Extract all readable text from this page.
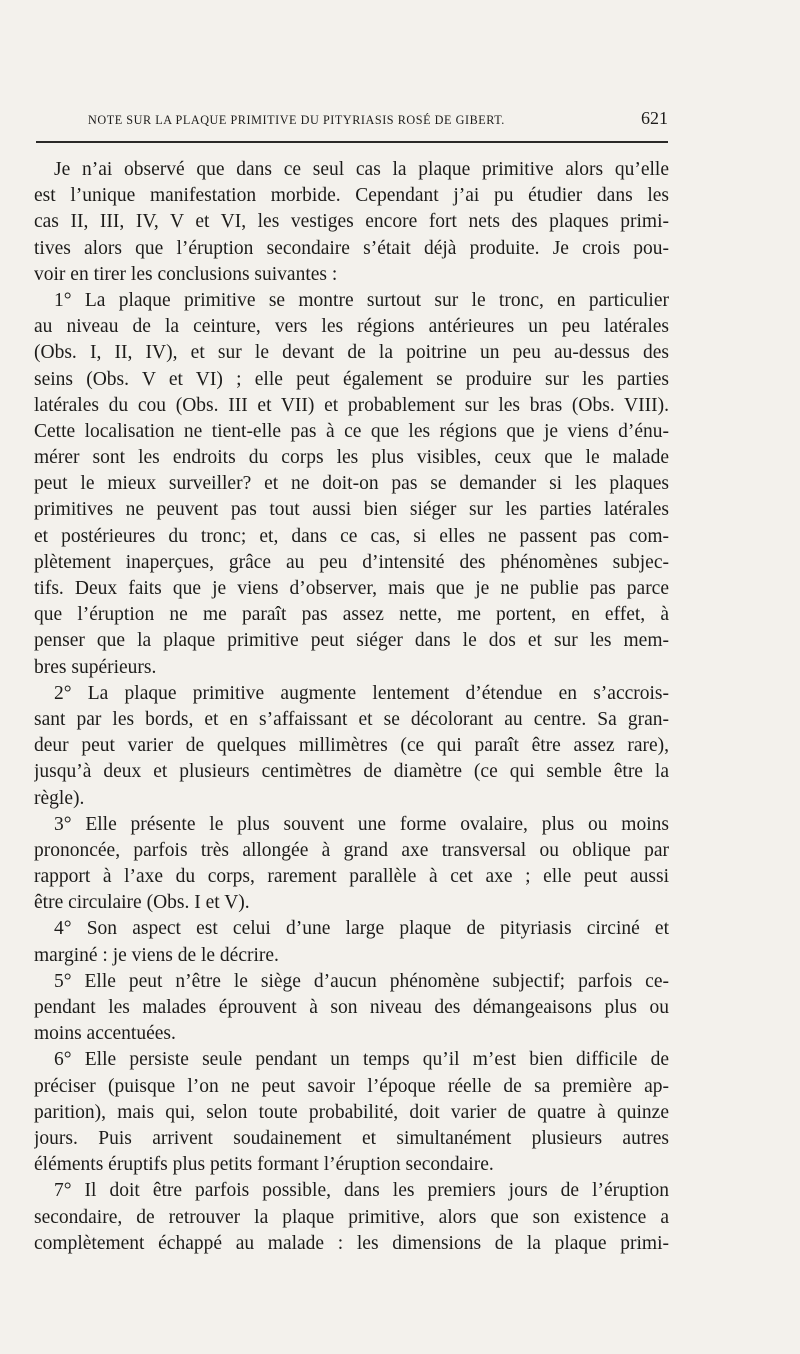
NOTE SUR LA PLAQUE PRIMITIVE DU PITYRIASIS ROSÉ DE GIBERT.	621
Je n’ai observé que dans ce seul cas la plaque primitive alors qu’elle
est l’unique manifestation morbide. Cependant j’ai pu étudier dans les
cas II, III, IV, V et VI, les vestiges encore fort nets des plaques primi-
tives alors que l’éruption secondaire s’était déjà produite. Je crois pou-
voir en tirer les conclusions suivantes :
1° La plaque primitive se montre surtout sur le tronc, en particulier
au niveau de la ceinture, vers les régions antérieures un peu latérales
(Obs. I, II, IV), et sur le devant de la poitrine un peu au-dessus des
seins (Obs. V et VI) ; elle peut également se produire sur les parties
latérales du cou (Obs. III et VII) et probablement sur les bras (Obs. VIII).
Cette localisation ne tient-elle pas à ce que les régions que je viens d’énu-
mérer sont les endroits du corps les plus visibles, ceux que le malade
peut le mieux surveiller? et ne doit-on pas se demander si les plaques
primitives ne peuvent pas tout aussi bien siéger sur les parties latérales
et postérieures du tronc; et, dans ce cas, si elles ne passent pas com-
plètement inaperçues, grâce au peu d’intensité des phénomènes subjec-
tifs. Deux faits que je viens d’observer, mais que je ne publie pas parce
que l’éruption ne me paraît pas assez nette, me portent, en effet, à
penser que la plaque primitive peut siéger dans le dos et sur les mem-
bres supérieurs.
2° La plaque primitive augmente lentement d’étendue en s’accrois-
sant par les bords, et en s’affaissant et se décolorant au centre. Sa gran-
deur peut varier de quelques millimètres (ce qui paraît être assez rare),
jusqu’à deux et plusieurs centimètres de diamètre (ce qui semble être la
règle).
3° Elle présente le plus souvent une forme ovalaire, plus ou moins
prononcée, parfois très allongée à grand axe transversal ou oblique par
rapport à l’axe du corps, rarement parallèle à cet axe ; elle peut aussi
être circulaire (Obs. I et V).
4° Son aspect est celui d’une large plaque de pityriasis circiné et
marginé : je viens de le décrire.
5° Elle peut n’être le siège d’aucun phénomène subjectif; parfois ce-
pendant les malades éprouvent à son niveau des démangeaisons plus ou
moins accentuées.
6° Elle persiste seule pendant un temps qu’il m’est bien difficile de
préciser (puisque l’on ne peut savoir l’époque réelle de sa première ap-
parition), mais qui, selon toute probabilité, doit varier de quatre à quinze
jours. Puis arrivent soudainement et simultanément plusieurs autres
éléments éruptifs plus petits formant l’éruption secondaire.
7° Il doit être parfois possible, dans les premiers jours de l’éruption
secondaire, de retrouver la plaque primitive, alors que son existence a
complètement échappé au malade : les dimensions de la plaque primi-
